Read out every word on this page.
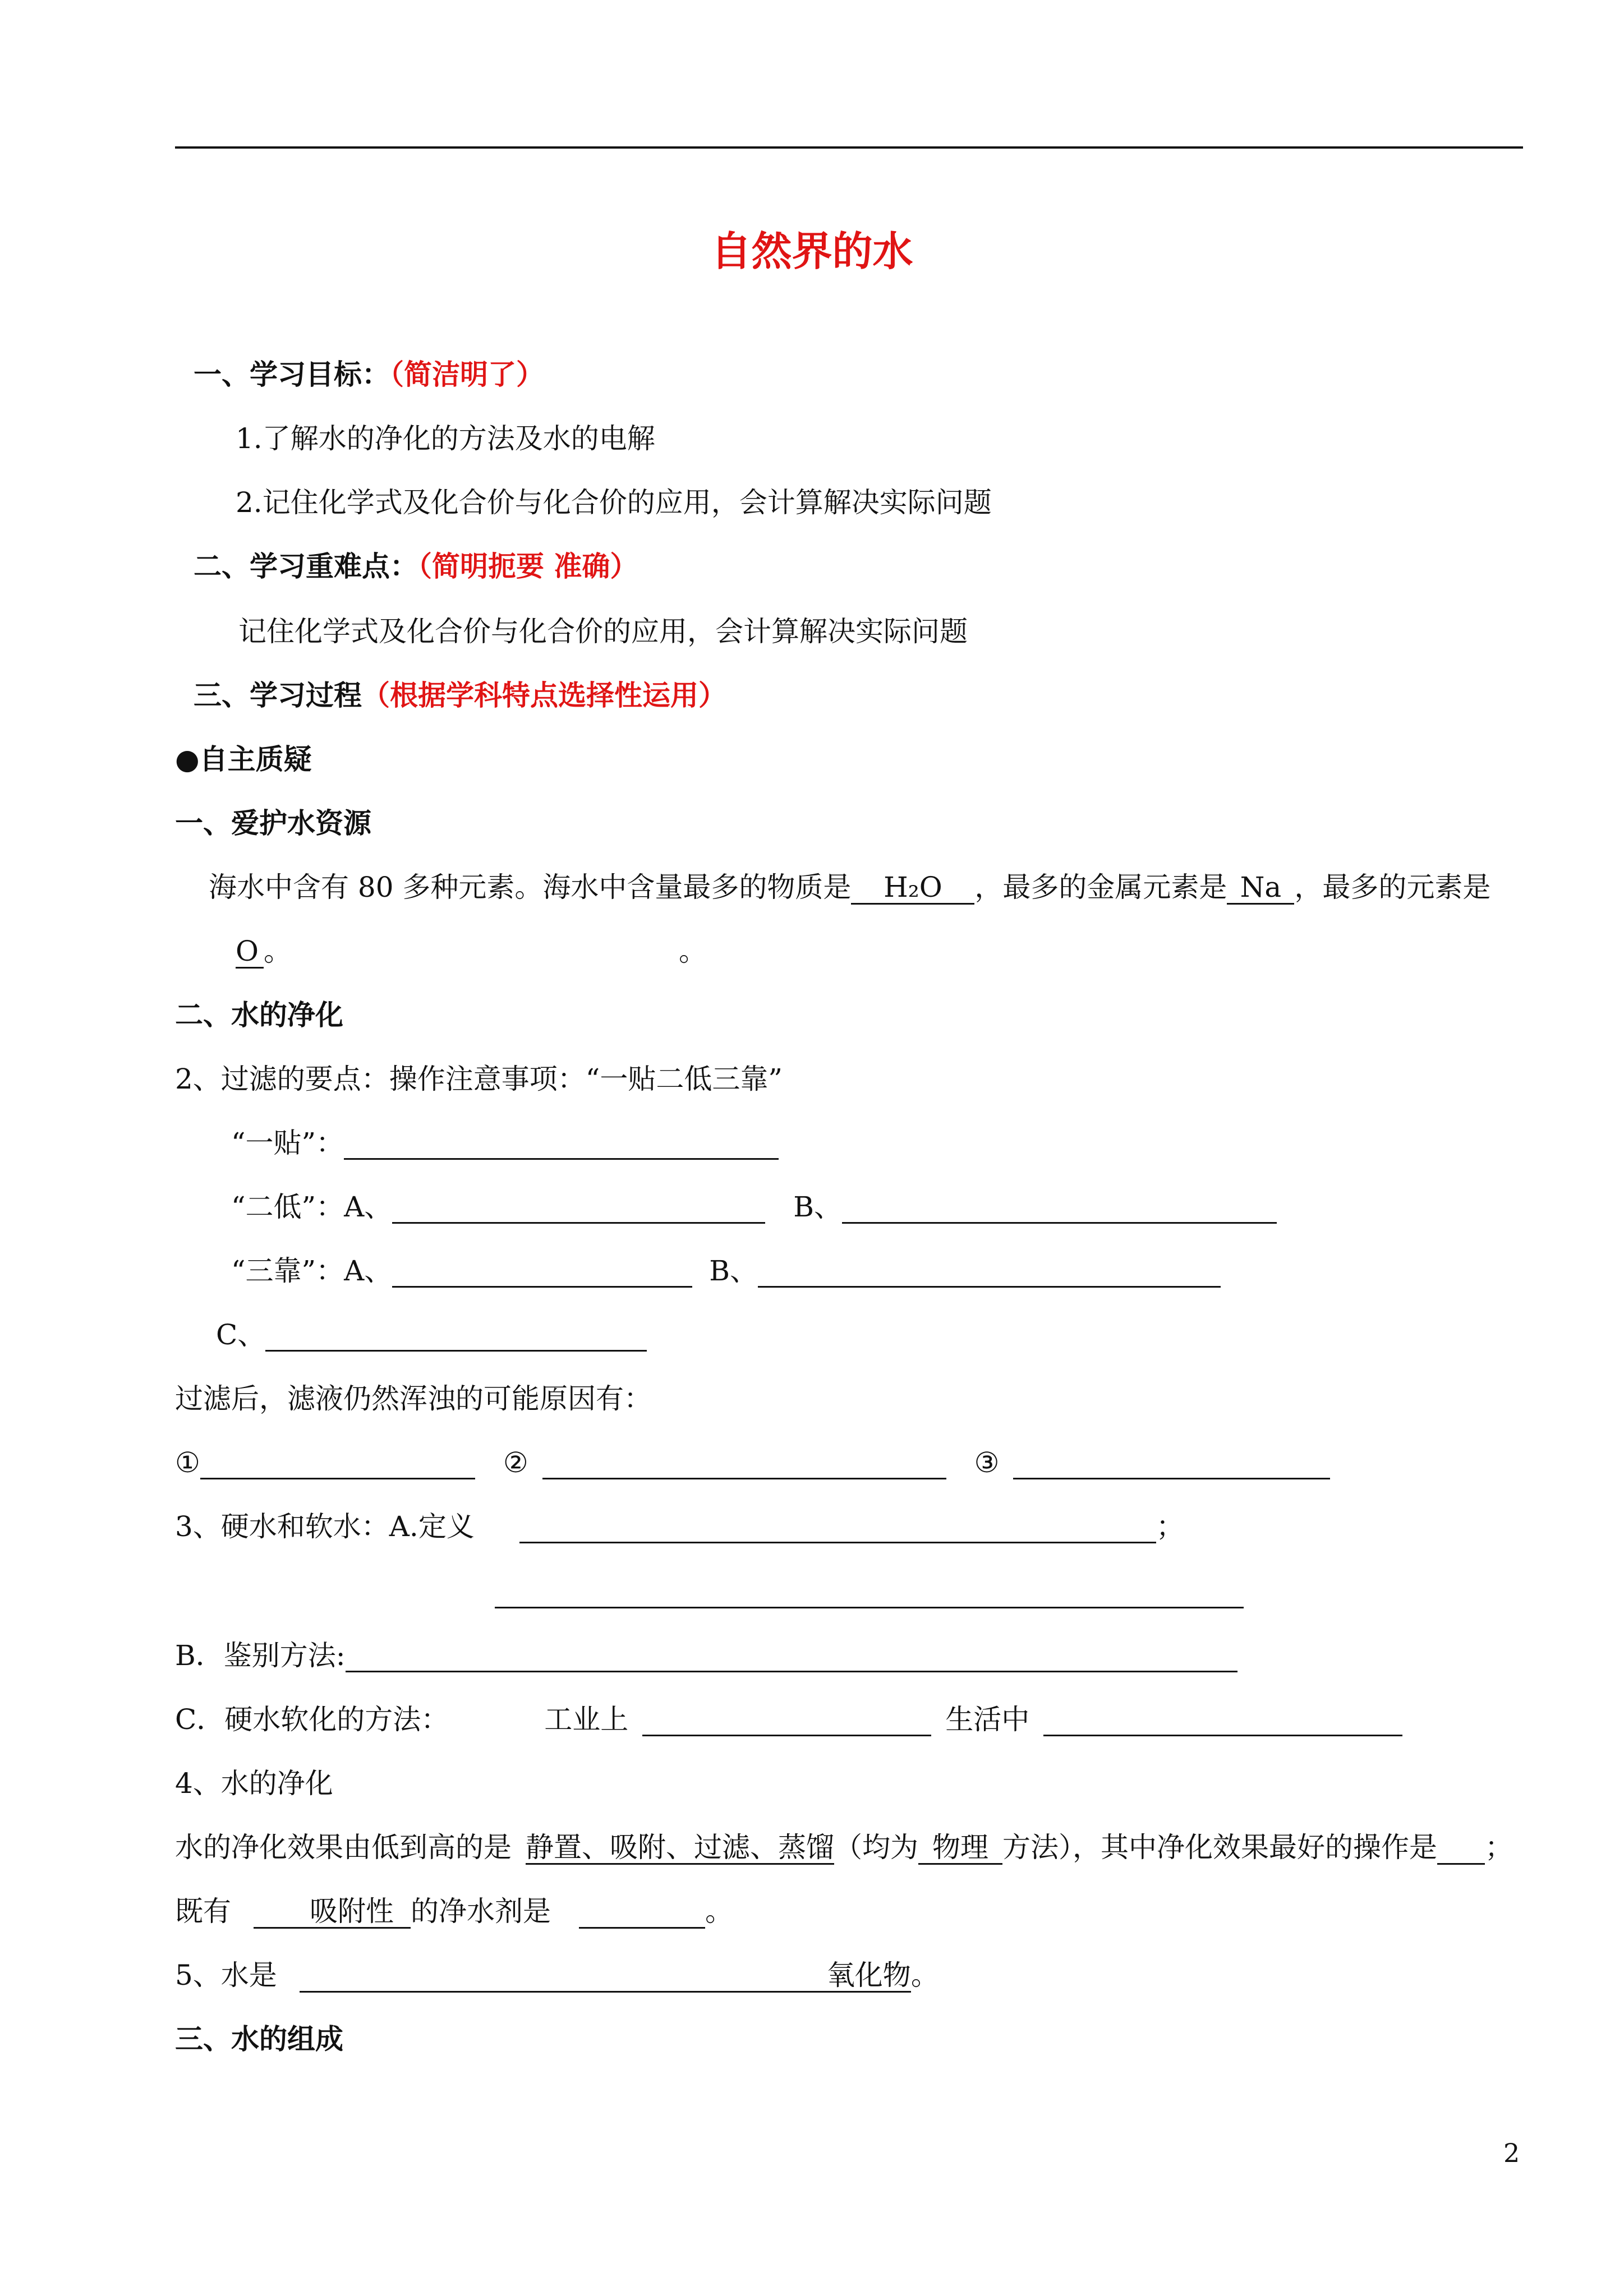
自然界的水
一、学习目标：（简洁明了）
1.了解水的净化的方法及水的电解
2.记住化学式及化合价与化合价的应用，会计算解决实际问题
二、学习重难点：（简明扼要 准确）
记住化学式及化合价与化合价的应用，会计算解决实际问题
三、学习过程（根据学科特点选择性运用）
●自主质疑
一、爱护水资源
海水中含有 80 多种元素。海水中含量最多的物质是 H₂O ，最多的金属元素是 Na ，最多的元素是
O 。	。
二、水的净化
2、过滤的要点：操作注意事项：“一贴二低三靠”
“一贴”：
“二低”：A、	B、
“三靠”：A、	B、
C、
过滤后，滤液仍然浑浊的可能原因有：
①	②	③
3、硬水和软水：A.定义	；
B．鉴别方法:
C．硬水软化的方法：	工业上	生活中
4、水的净化
水的净化效果由低到高的是 静置、吸附、过滤、蒸馏（均为 物理 方法），其中净化效果最好的操作是 ；
既有	吸附性 的净水剂是	。
5、水是	氧化物。
三、水的组成
2
